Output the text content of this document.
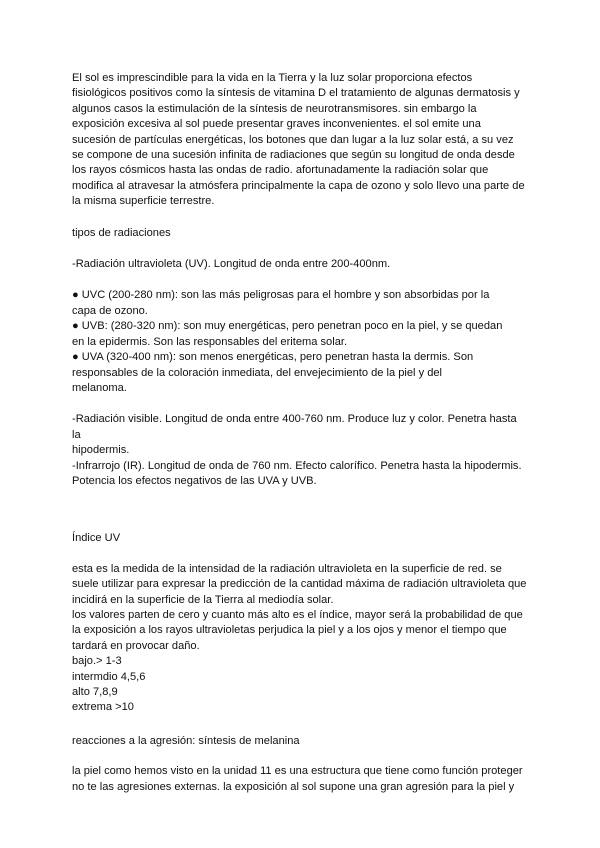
El sol es imprescindible para la vida en la Tierra y la luz solar proporciona efectos
fisiológicos positivos como la síntesis de vitamina D el tratamiento de algunas dermatosis y
algunos casos la estimulación de la síntesis de neurotransmisores. sin embargo la
exposición excesiva al sol puede presentar graves inconvenientes. el sol emite una
sucesión de partículas energéticas, los botones que dan lugar a la luz solar está, a su vez
se compone de una sucesión infinita de radiaciones que según su longitud de onda desde
los rayos cósmicos hasta las ondas de radio. afortunadamente la radiación solar que
modifica al atravesar la atmósfera principalmente la capa de ozono y solo llevo una parte de
la misma superficie terrestre.

tipos de radiaciones

-Radiación ultravioleta (UV). Longitud de onda entre 200-400nm.

● UVC (200-280 nm): son las más peligrosas para el hombre y son absorbidas por la
capa de ozono.
● UVB: (280-320 nm): son muy energéticas, pero penetran poco en la piel, y se quedan
en la epidermis. Son las responsables del eritema solar.
● UVA (320-400 nm): son menos energéticas, pero penetran hasta la dermis. Son
responsables de la coloración inmediata, del envejecimiento de la piel y del
melanoma.

-Radiación visible. Longitud de onda entre 400-760 nm. Produce luz y color. Penetra hasta
la
hipodermis.
-Infrarrojo (IR). Longitud de onda de 760 nm. Efecto calorífico. Penetra hasta la hipodermis.
Potencia los efectos negativos de las UVA y UVB.

Índice UV

esta es la medida de la intensidad de la radiación ultravioleta en la superficie de red. se
suele utilizar para expresar la predicción de la cantidad máxima de radiación ultravioleta que
incidirá en la superficie de la Tierra al mediodía solar.
los valores parten de cero y cuanto más alto es el índice, mayor será la probabilidad de que
la exposición a los rayos ultravioletas perjudica la piel y a los ojos y menor el tiempo que
tardará en provocar daño.
bajo.> 1-3
intermdio 4,5,6
alto 7,8,9
extrema >10

reacciones a la agresión: síntesis de melanina

la piel como hemos visto en la unidad 11 es una estructura que tiene como función proteger
no te las agresiones externas. la exposición al sol supone una gran agresión para la piel y
